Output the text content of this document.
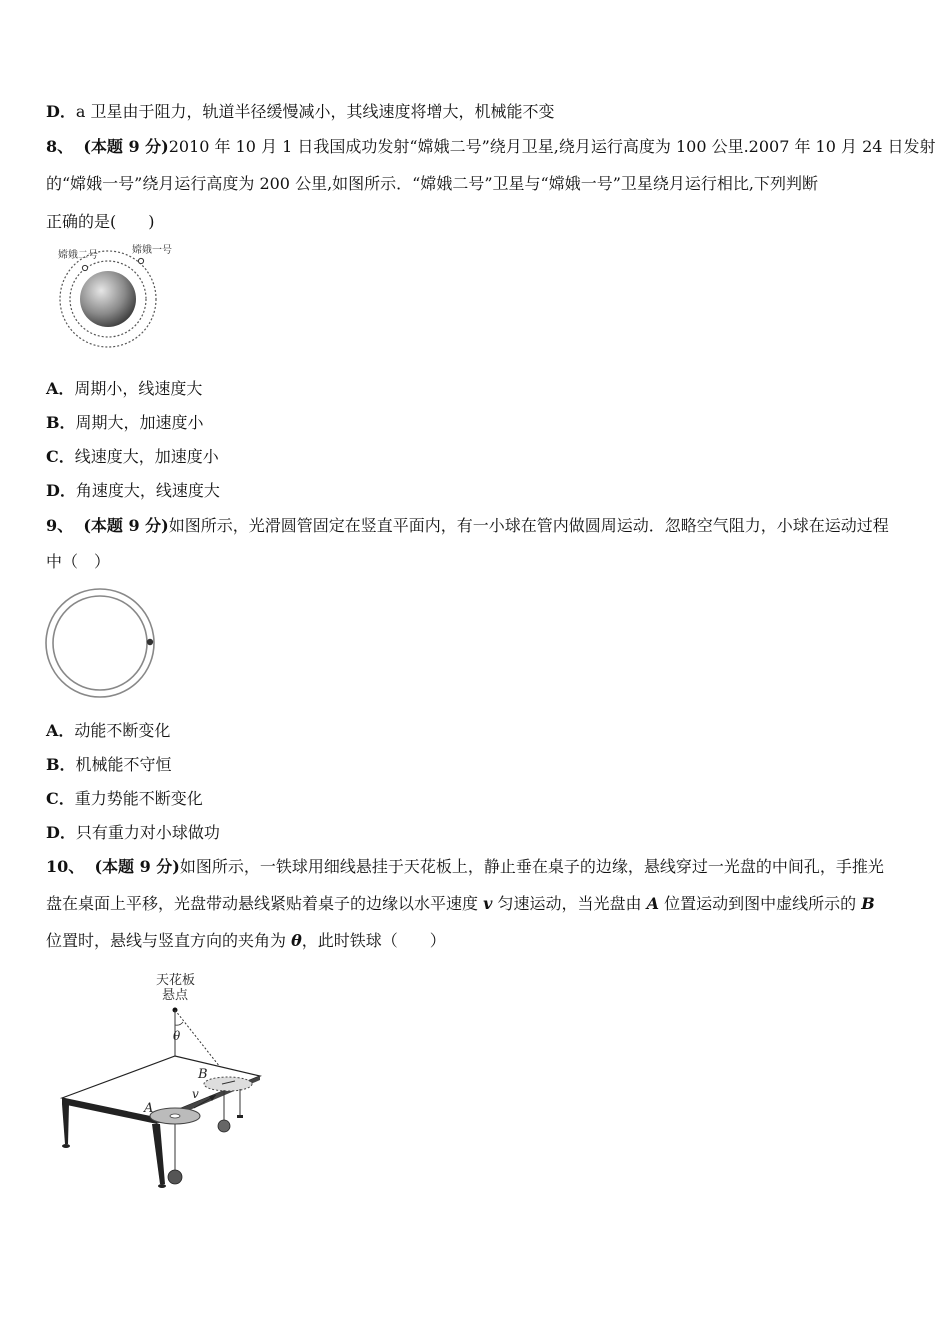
D．a 卫星由于阻力，轨道半径缓慢减小，其线速度将增大，机械能不变
8、 (本题 9 分)2010 年 10 月 1 日我国成功发射“嫦娥二号”绕月卫星,绕月运行高度为 100 公里.2007 年 10 月 24 日发射
的“嫦娥一号”绕月运行高度为 200 公里,如图所示．“嫦娥二号”卫星与“嫦娥一号”卫星绕月运行相比,下列判断
正确的是(　　)
嫦娥二号	嫦娥一号
A．周期小，线速度大
B．周期大，加速度小
C．线速度大，加速度小
D．角速度大，线速度大
9、 (本题 9 分)如图所示，光滑圆管固定在竖直平面内，有一小球在管内做圆周运动．忽略空气阻力，小球在运动过程
中（　）
A．动能不断变化
B．机械能不守恒
C．重力势能不断变化
D．只有重力对小球做功
10、 (本题 9 分)如图所示，一铁球用细线悬挂于天花板上，静止垂在桌子的边缘，悬线穿过一光盘的中间孔，手推光
盘在桌面上平移，光盘带动悬线紧贴着桌子的边缘以水平速度 v 匀速运动，当光盘由 A 位置运动到图中虚线所示的 B
位置时，悬线与竖直方向的夹角为 θ，此时铁球（　　）
天花板
悬点
θ
A
B
v
